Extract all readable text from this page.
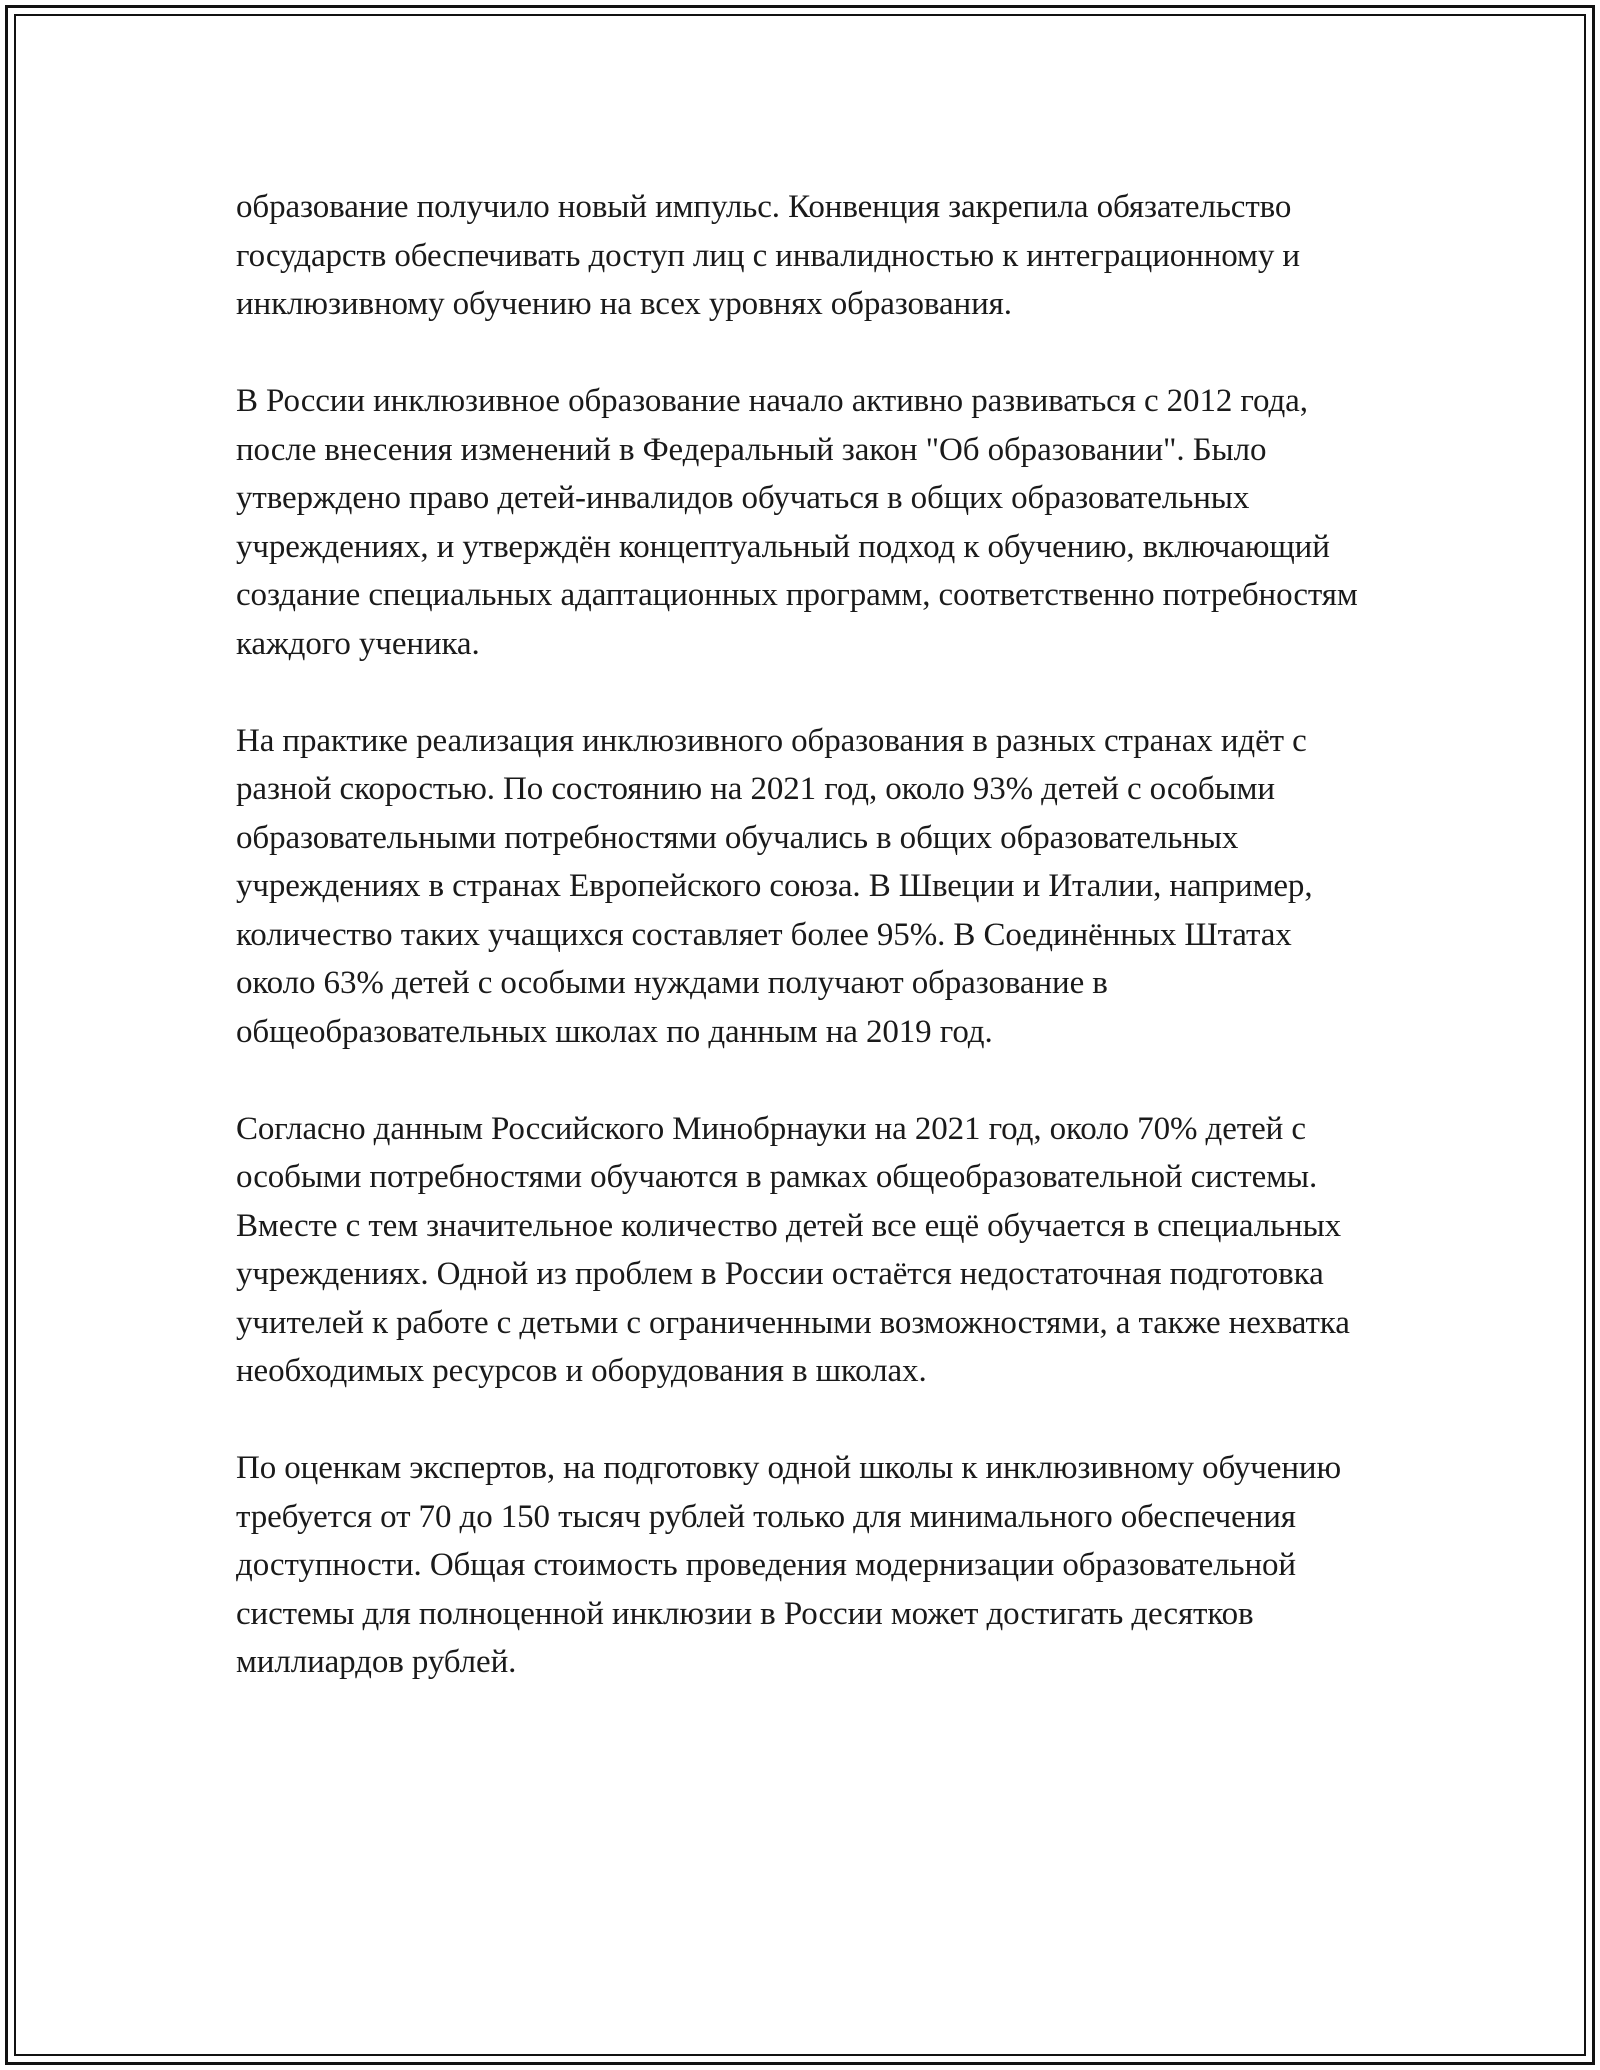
образование получило новый импульс. Конвенция закрепила обязательство государств обеспечивать доступ лиц с инвалидностью к интеграционному и инклюзивному обучению на всех уровнях образования.

В России инклюзивное образование начало активно развиваться с 2012 года, после внесения изменений в Федеральный закон "Об образовании". Было утверждено право детей-инвалидов обучаться в общих образовательных учреждениях, и утверждён концептуальный подход к обучению, включающий создание специальных адаптационных программ, соответственно потребностям каждого ученика.

На практике реализация инклюзивного образования в разных странах идёт с разной скоростью. По состоянию на 2021 год, около 93% детей с особыми образовательными потребностями обучались в общих образовательных учреждениях в странах Европейского союза. В Швеции и Италии, например, количество таких учащихся составляет более 95%. В Соединённых Штатах около 63% детей с особыми нуждами получают образование в общеобразовательных школах по данным на 2019 год.

Согласно данным Российского Минобрнауки на 2021 год, около 70% детей с особыми потребностями обучаются в рамках общеобразовательной системы. Вместе с тем значительное количество детей все ещё обучается в специальных учреждениях. Одной из проблем в России остаётся недостаточная подготовка учителей к работе с детьми с ограниченными возможностями, а также нехватка необходимых ресурсов и оборудования в школах.

По оценкам экспертов, на подготовку одной школы к инклюзивному обучению требуется от 70 до 150 тысяч рублей только для минимального обеспечения доступности. Общая стоимость проведения модернизации образовательной системы для полноценной инклюзии в России может достигать десятков миллиардов рублей.
